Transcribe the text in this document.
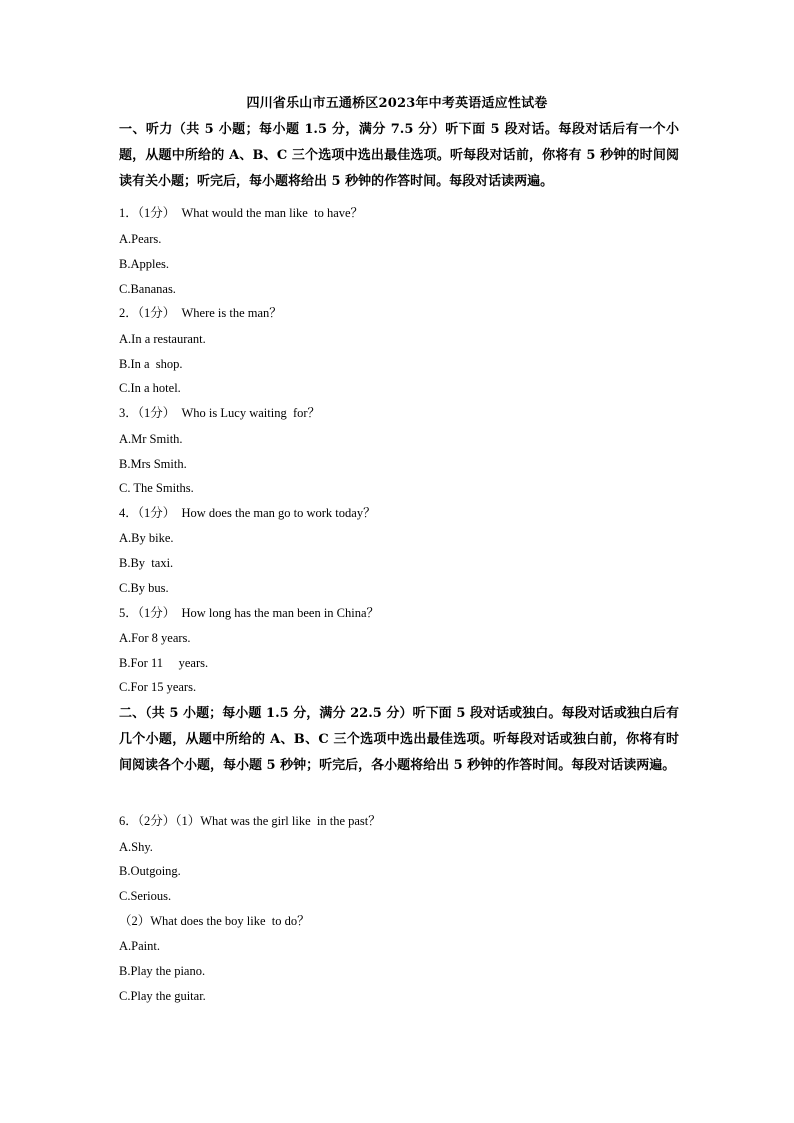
四川省乐山市五通桥区2023年中考英语适应性试卷
一、听力（共 5 小题；每小题 1.5 分，满分 7.5 分）听下面 5 段对话。每段对话后有一个小题，从题中所给的 A、B、C 三个选项中选出最佳选项。听每段对话前，你将有 5 秒钟的时间阅读有关小题；听完后，每小题将给出 5 秒钟的作答时间。每段对话读两遍。
1．（1分）　What would the man like  to have？
A.Pears.
B.Apples.
C.Bananas.
2．（1分）　Where is the man？
A.In a restaurant.
B.In a  shop.
C.In a hotel.
3．（1分）　Who is Lucy waiting  for？
A.Mr Smith.
B.Mrs Smith.
C. The Smiths.
4．（1分）　How does the man go to work today？
A.By bike.
B.By  taxi.
C.By bus.
5．（1分）　How long has the man been in China？
A.For 8 years.
B.For 11     years.
C.For 15 years.
二、（共 5 小题；每小题 1.5 分，满分 22.5 分）听下面 5 段对话或独白。每段对话或独白后有几个小题，从题中所给的 A、B、C 三个选项中选出最佳选项。听每段对话或独白前，你将有时间阅读各个小题，每小题 5 秒钟；听完后，各小题将给出 5 秒钟的作答时间。每段对话读两遍。
6．（2分）（1）What was the girl like  in the past？
A.Shy.
B.Outgoing.
C.Serious.
（2）What does the boy like  to do？
A.Paint.
B.Play the piano.
C.Play the guitar.
